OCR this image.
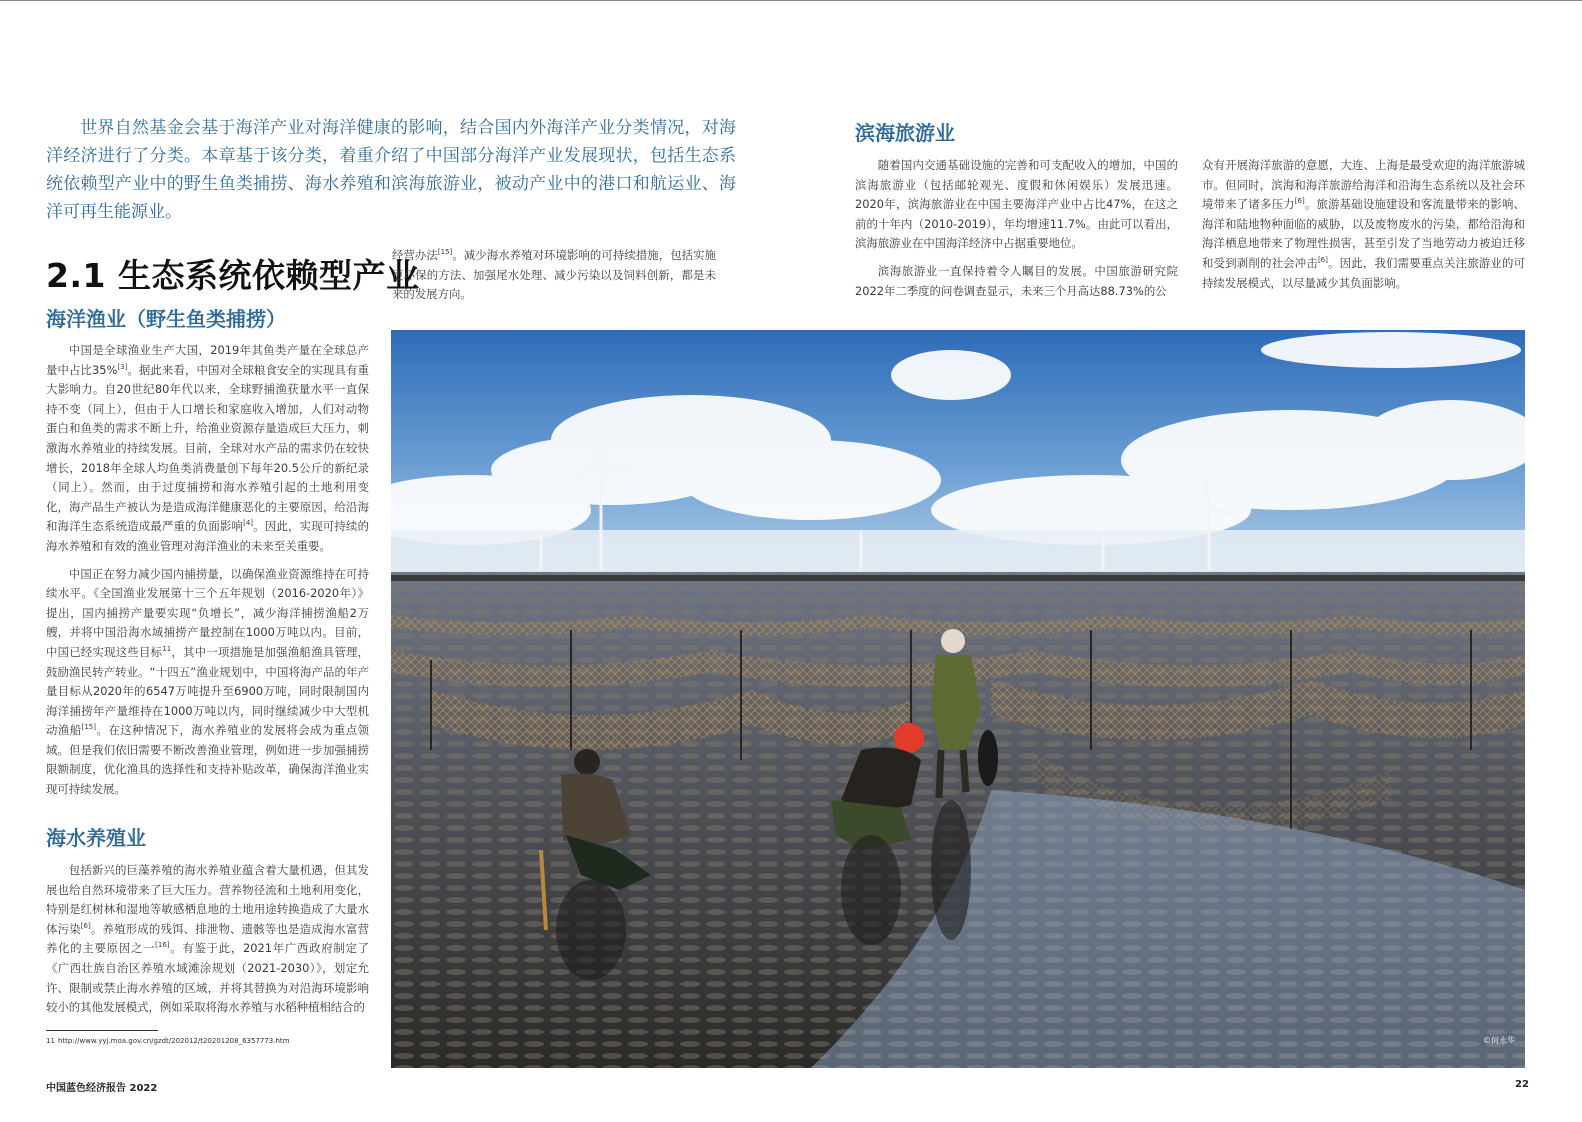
世界自然基金会基于海洋产业对海洋健康的影响，结合国内外海洋产业分类情况，对海洋经济进行了分类。本章基于该分类，着重介绍了中国部分海洋产业发展现状，包括生态系统依赖型产业中的野生鱼类捕捞、海水养殖和滨海旅游业，被动产业中的港口和航运业、海洋可再生能源业。
2.1 生态系统依赖型产业
海洋渔业（野生鱼类捕捞）

中国是全球渔业生产大国，2019年其鱼类产量在全球总产量中占比35%[3]。据此来看，中国对全球粮食安全的实现具有重大影响力。自20世纪80年代以来，全球野捕渔获量水平一直保持不变（同上），但由于人口增长和家庭收入增加，人们对动物蛋白和鱼类的需求不断上升，给渔业资源存量造成巨大压力，刺激海水养殖业的持续发展。目前，全球对水产品的需求仍在较快增长，2018年全球人均鱼类消费量创下每年20.5公斤的新纪录（同上）。然而，由于过度捕捞和海水养殖引起的土地利用变化，海产品生产被认为是造成海洋健康恶化的主要原因，给沿海和海洋生态系统造成最严重的负面影响[4]。因此，实现可持续的海水养殖和有效的渔业管理对海洋渔业的未来至关重要。

中国正在努力减少国内捕捞量，以确保渔业资源维持在可持续水平。《全国渔业发展第十三个五年规划（2016-2020年）》提出，国内捕捞产量要实现“负增长”，减少海洋捕捞渔船2万艘，并将中国沿海水域捕捞产量控制在1000万吨以内。目前，中国已经实现这些目标$^{11}$，其中一项措施是加强渔船渔具管理，鼓励渔民转产转业。“十四五”渔业规划中，中国将海产品的年产量目标从2020年的6547万吨提升至6900万吨，同时限制国内海洋捕捞年产量维持在1000万吨以内，同时继续减少中大型机动渔船[15]。在这种情况下，海水养殖业的发展将会成为重点领域。但是我们依旧需要不断改善渔业管理，例如进一步加强捕捞限额制度，优化渔具的选择性和支持补贴改革，确保海洋渔业实现可持续发展。

海水养殖业

包括新兴的巨藻养殖的海水养殖业蕴含着大量机遇，但其发展也给自然环境带来了巨大压力。营养物径流和土地利用变化，特别是红树林和湿地等敏感栖息地的土地用途转换造成了大量水体污染[6]。养殖形成的残饵、排泄物、遗骸等也是造成海水富营养化的主要原因之一[16]。有鉴于此，2021年广西政府制定了《广西壮族自治区养殖水域滩涂规划（2021-2030）》，划定允许、限制或禁止海水养殖的区域，并将其替换为对沿海环境影响较小的其他发展模式，例如采取将海水养殖与水稻种植相结合的

经营办法[15]。减少海水养殖对环境影响的可持续措施，包括实施更环保的方法、加强尾水处理、减少污染以及饲料创新，都是未来的发展方向。

滨海旅游业

随着国内交通基础设施的完善和可支配收入的增加，中国的滨海旅游业（包括邮轮观光、度假和休闲娱乐）发展迅速。2020年，滨海旅游业在中国主要海洋产业中占比47%，在这之前的十年内（2010-2019），年均增速11.7%。由此可以看出，滨海旅游业在中国海洋经济中占据重要地位。

滨海旅游业一直保持着令人瞩目的发展。中国旅游研究院2022年二季度的问卷调查显示，未来三个月高达88.73%的公

众有开展海洋旅游的意愿，大连、上海是最受欢迎的海洋旅游城市。但同时，滨海和海洋旅游给海洋和沿海生态系统以及社会环境带来了诸多压力[6]。旅游基础设施建设和客流量带来的影响、海洋和陆地物种面临的威胁，以及废物废水的污染，都给沿海和海洋栖息地带来了物理性损害，甚至引发了当地劳动力被迫迁移和受到剥削的社会冲击[6]。因此，我们需要重点关注旅游业的可持续发展模式，以尽量减少其负面影响。

©何永华
11 http://www.yyj.moa.gov.cn/gzdt/202012/t20201208_6357773.htm
中国蓝色经济报告 2022	22
